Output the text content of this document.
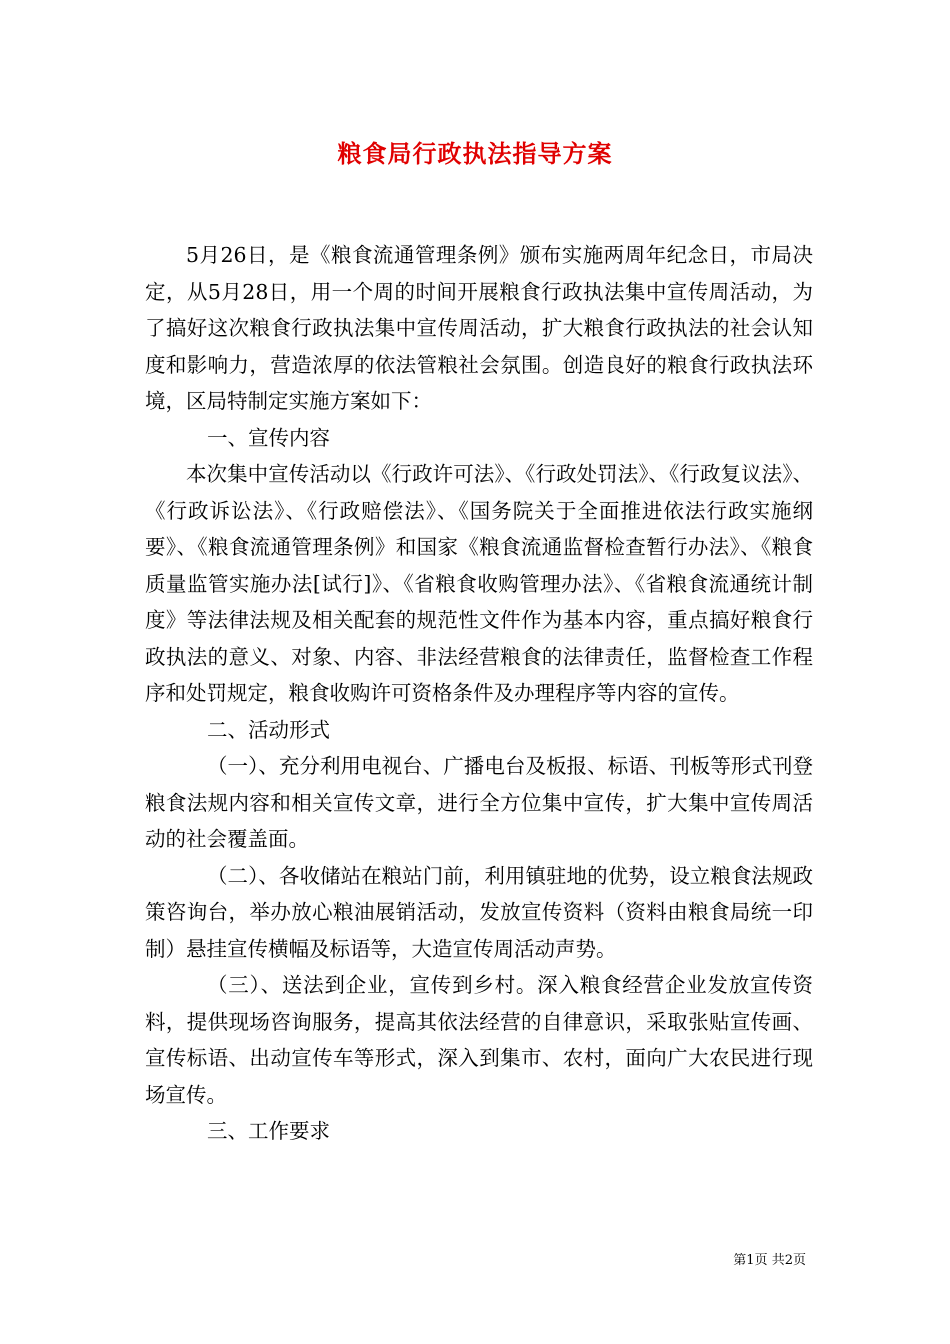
粮食局行政执法指导方案

5月26日，是《粮食流通管理条例》颁布实施两周年纪念日，市局决定，从5月28日，用一个周的时间开展粮食行政执法集中宣传周活动，为了搞好这次粮食行政执法集中宣传周活动，扩大粮食行政执法的社会认知度和影响力，营造浓厚的依法管粮社会氛围。创造良好的粮食行政执法环境，区局特制定实施方案如下：

一、宣传内容

本次集中宣传活动以《行政许可法》、《行政处罚法》、《行政复议法》、《行政诉讼法》、《行政赔偿法》、《国务院关于全面推进依法行政实施纲要》、《粮食流通管理条例》和国家《粮食流通监督检查暂行办法》、《粮食质量监管实施办法[试行]》、《省粮食收购管理办法》、《省粮食流通统计制度》等法律法规及相关配套的规范性文件作为基本内容，重点搞好粮食行政执法的意义、对象、内容、非法经营粮食的法律责任，监督检查工作程序和处罚规定，粮食收购许可资格条件及办理程序等内容的宣传。

二、活动形式

（一）、充分利用电视台、广播电台及板报、标语、刊板等形式刊登粮食法规内容和相关宣传文章，进行全方位集中宣传，扩大集中宣传周活动的社会覆盖面。

（二）、各收储站在粮站门前，利用镇驻地的优势，设立粮食法规政策咨询台，举办放心粮油展销活动，发放宣传资料（资料由粮食局统一印制）悬挂宣传横幅及标语等，大造宣传周活动声势。

（三）、送法到企业，宣传到乡村。深入粮食经营企业发放宣传资料，提供现场咨询服务，提高其依法经营的自律意识，采取张贴宣传画、宣传标语、出动宣传车等形式，深入到集市、农村，面向广大农民进行现场宣传。

三、工作要求

第1页 共2页
